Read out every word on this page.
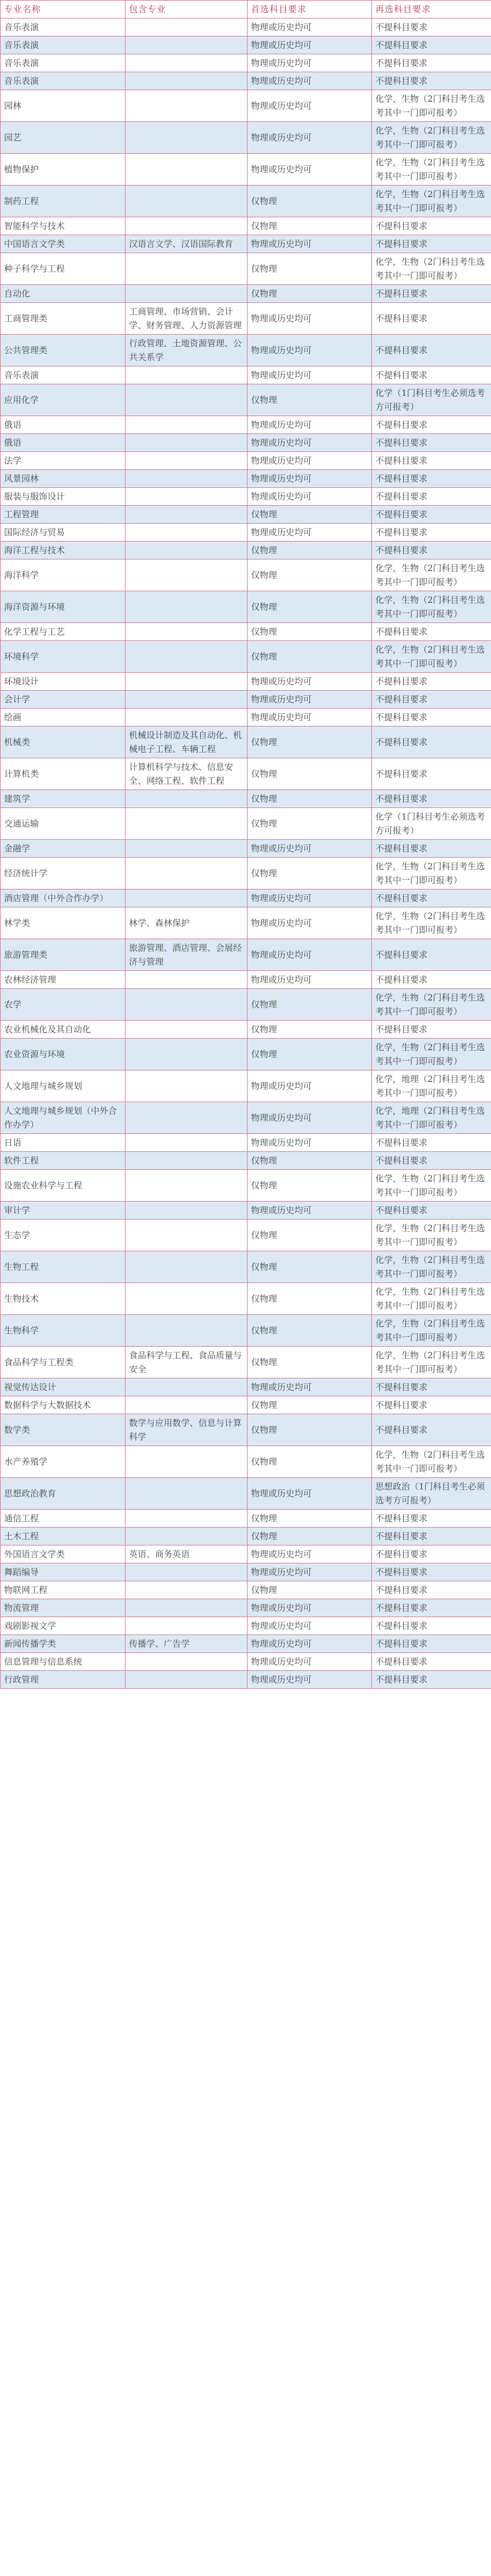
专业名称	包含专业	首选科目要求	再选科目要求
音乐表演		物理或历史均可	不提科目要求
音乐表演		物理或历史均可	不提科目要求
音乐表演		物理或历史均可	不提科目要求
音乐表演		物理或历史均可	不提科目要求
园林		物理或历史均可	化学，生物（2门科目考生选考其中一门即可报考）
园艺		物理或历史均可	化学，生物（2门科目考生选考其中一门即可报考）
植物保护		物理或历史均可	化学，生物（2门科目考生选考其中一门即可报考）
制药工程		仅物理	化学，生物（2门科目考生选考其中一门即可报考）
智能科学与技术		仅物理	不提科目要求
中国语言文学类	汉语言文学、汉语国际教育	物理或历史均可	不提科目要求
种子科学与工程		仅物理	化学，生物（2门科目考生选考其中一门即可报考）
自动化		仅物理	不提科目要求
工商管理类	工商管理、市场营销、会计学、财务管理、人力资源管理	物理或历史均可	不提科目要求
公共管理类	行政管理、土地资源管理、公共关系学	物理或历史均可	不提科目要求
音乐表演		物理或历史均可	不提科目要求
应用化学		仅物理	化学（1门科目考生必须选考方可报考）
俄语		物理或历史均可	不提科目要求
俄语		物理或历史均可	不提科目要求
法学		物理或历史均可	不提科目要求
风景园林		物理或历史均可	不提科目要求
服装与服饰设计		物理或历史均可	不提科目要求
工程管理		仅物理	不提科目要求
国际经济与贸易		物理或历史均可	不提科目要求
海洋工程与技术		仅物理	不提科目要求
海洋科学		仅物理	化学，生物（2门科目考生选考其中一门即可报考）
海洋资源与环境		仅物理	化学，生物（2门科目考生选考其中一门即可报考）
化学工程与工艺		仅物理	不提科目要求
环境科学		仅物理	化学，生物（2门科目考生选考其中一门即可报考）
环境设计		物理或历史均可	不提科目要求
会计学		物理或历史均可	不提科目要求
绘画		物理或历史均可	不提科目要求
机械类	机械设计制造及其自动化、机械电子工程、车辆工程	仅物理	不提科目要求
计算机类	计算机科学与技术、信息安全、网络工程、软件工程	仅物理	不提科目要求
建筑学		仅物理	不提科目要求
交通运输		仅物理	化学（1门科目考生必须选考方可报考）
金融学		物理或历史均可	不提科目要求
经济统计学		仅物理	化学，生物（2门科目考生选考其中一门即可报考）
酒店管理（中外合作办学）		物理或历史均可	不提科目要求
林学类	林学、森林保护	物理或历史均可	化学，生物（2门科目考生选考其中一门即可报考）
旅游管理类	旅游管理、酒店管理、会展经济与管理	物理或历史均可	不提科目要求
农林经济管理		物理或历史均可	不提科目要求
农学		仅物理	化学，生物（2门科目考生选考其中一门即可报考）
农业机械化及其自动化		仅物理	不提科目要求
农业资源与环境		仅物理	化学，生物（2门科目考生选考其中一门即可报考）
人文地理与城乡规划		物理或历史均可	化学，地理（2门科目考生选考其中一门即可报考）
人文地理与城乡规划（中外合作办学）		物理或历史均可	化学，地理（2门科目考生选考其中一门即可报考）
日语		物理或历史均可	不提科目要求
软件工程		仅物理	不提科目要求
设施农业科学与工程		仅物理	化学，生物（2门科目考生选考其中一门即可报考）
审计学		物理或历史均可	不提科目要求
生态学		仅物理	化学，生物（2门科目考生选考其中一门即可报考）
生物工程		仅物理	化学，生物（2门科目考生选考其中一门即可报考）
生物技术		仅物理	化学，生物（2门科目考生选考其中一门即可报考）
生物科学		仅物理	化学，生物（2门科目考生选考其中一门即可报考）
食品科学与工程类	食品科学与工程、食品质量与安全	仅物理	化学，生物（2门科目考生选考其中一门即可报考）
视觉传达设计		物理或历史均可	不提科目要求
数据科学与大数据技术		仅物理	不提科目要求
数学类	数学与应用数学、信息与计算科学	仅物理	不提科目要求
水产养殖学		仅物理	化学，生物（2门科目考生选考其中一门即可报考）
思想政治教育		物理或历史均可	思想政治（1门科目考生必须选考方可报考）
通信工程		仅物理	不提科目要求
土木工程		仅物理	不提科目要求
外国语言文学类	英语、商务英语	物理或历史均可	不提科目要求
舞蹈编导		物理或历史均可	不提科目要求
物联网工程		仅物理	不提科目要求
物流管理		物理或历史均可	不提科目要求
戏剧影视文学		物理或历史均可	不提科目要求
新闻传播学类	传播学、广告学	物理或历史均可	不提科目要求
信息管理与信息系统		物理或历史均可	不提科目要求
行政管理		物理或历史均可	不提科目要求
